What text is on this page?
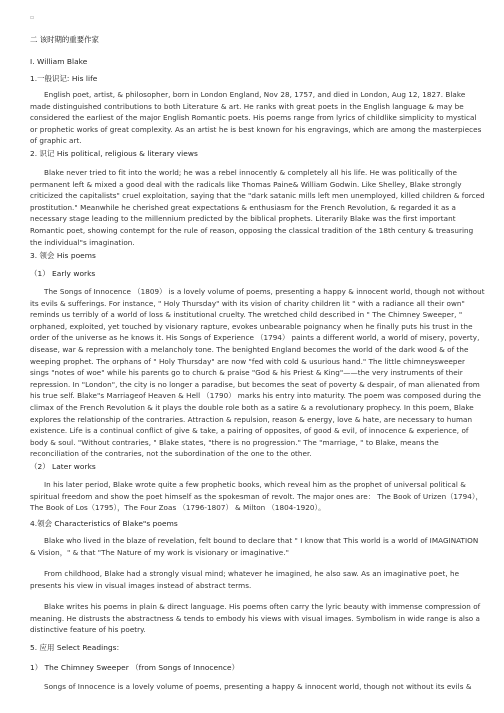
▫
二 该时期的重要作家
I. William Blake
1.一般识记: His life
English poet, artist, & philosopher, born in London England, Nov 28, 1757, and died in London, Aug 12, 1827. Blake made distinguished contributions to both Literature & art. He ranks with great poets in the English language & may be considered the earliest of the major English Romantic poets. His poems range from lyrics of childlike simplicity to mystical or prophetic works of great complexity. As an artist he is best known for his engravings, which are among the masterpieces of graphic art.
2. 识记 His political, religious & literary views
Blake never tried to fit into the world; he was a rebel innocently & completely all his life. He was politically of the permanent left & mixed a good deal with the radicals like Thomas Paine& William Godwin. Like Shelley, Blake strongly criticized the capitalists" cruel exploitation, saying that the "dark satanic mills left men unemployed, killed children & forced prostitution." Meanwhile he cherished great expectations & enthusiasm for the French Revolution, & regarded it as a necessary stage leading to the millennium predicted by the biblical prophets. Literarily Blake was the first important Romantic poet, showing contempt for the rule of reason, opposing the classical tradition of the 18th century & treasuring the individual"s imagination.
3. 领会 His poems
（1） Early works
The Songs of Innocence （1809） is a lovely volume of poems, presenting a happy & innocent world, though not without its evils & sufferings. For instance, " Holy Thursday" with its vision of charity children lit " with a radiance all their own" reminds us terribly of a world of loss & institutional cruelty. The wretched child described in " The Chimney Sweeper, " orphaned, exploited, yet touched by visionary rapture, evokes unbearable poignancy when he finally puts his trust in the order of the universe as he knows it. His Songs of Experience （1794） paints a different world, a world of misery, poverty, disease, war & repression with a melancholy tone. The benighted England becomes the world of the dark wood & of the weeping prophet. The orphans of " Holy Thursday" are now "fed with cold & usurious hand." The little chimneysweeper sings "notes of woe" while his parents go to church & praise "God & his Priest & King"——the very instruments of their repression. In "London", the city is no longer a paradise, but becomes the seat of poverty & despair, of man alienated from his true self. Blake"s Marriageof Heaven & Hell （1790） marks his entry into maturity. The poem was composed during the climax of the French Revolution & it plays the double role both as a satire & a revolutionary prophecy. In this poem, Blake explores the relationship of the contraries. Attraction & repulsion, reason & energy, love & hate, are necessary to human existence. Life is a continual conflict of give & take, a pairing of opposites, of good & evil, of innocence & experience, of body & soul. "Without contraries, " Blake states, "there is no progression." The "marriage, " to Blake, means the reconciliation of the contraries, not the subordination of the one to the other.
（2） Later works
In his later period, Blake wrote quite a few prophetic books, which reveal him as the prophet of universal political & spiritual freedom and show the poet himself as the spokesman of revolt. The major ones are： The Book of Urizen（1794），The Book of Los（1795），The Four Zoas （1796-1807） & Milton （1804-1920）。
4.领会 Characteristics of Blake"s poems
Blake who lived in the blaze of revelation, felt bound to declare that " I know that This world is a world of IMAGINATION & Vision，" & that "The Nature of my work is visionary or imaginative."
From childhood, Blake had a strongly visual mind; whatever he imagined, he also saw. As an imaginative poet, he presents his view in visual images instead of abstract terms.
Blake writes his poems in plain & direct language. His poems often carry the lyric beauty with immense compression of meaning. He distrusts the abstractness & tends to embody his views with visual images. Symbolism in wide range is also a distinctive feature of his poetry.
5. 应用 Select Readings:
1） The Chimney Sweeper （from Songs of Innocence）
Songs of Innocence is a lovely volume of poems, presenting a happy & innocent world, though not without its evils &
